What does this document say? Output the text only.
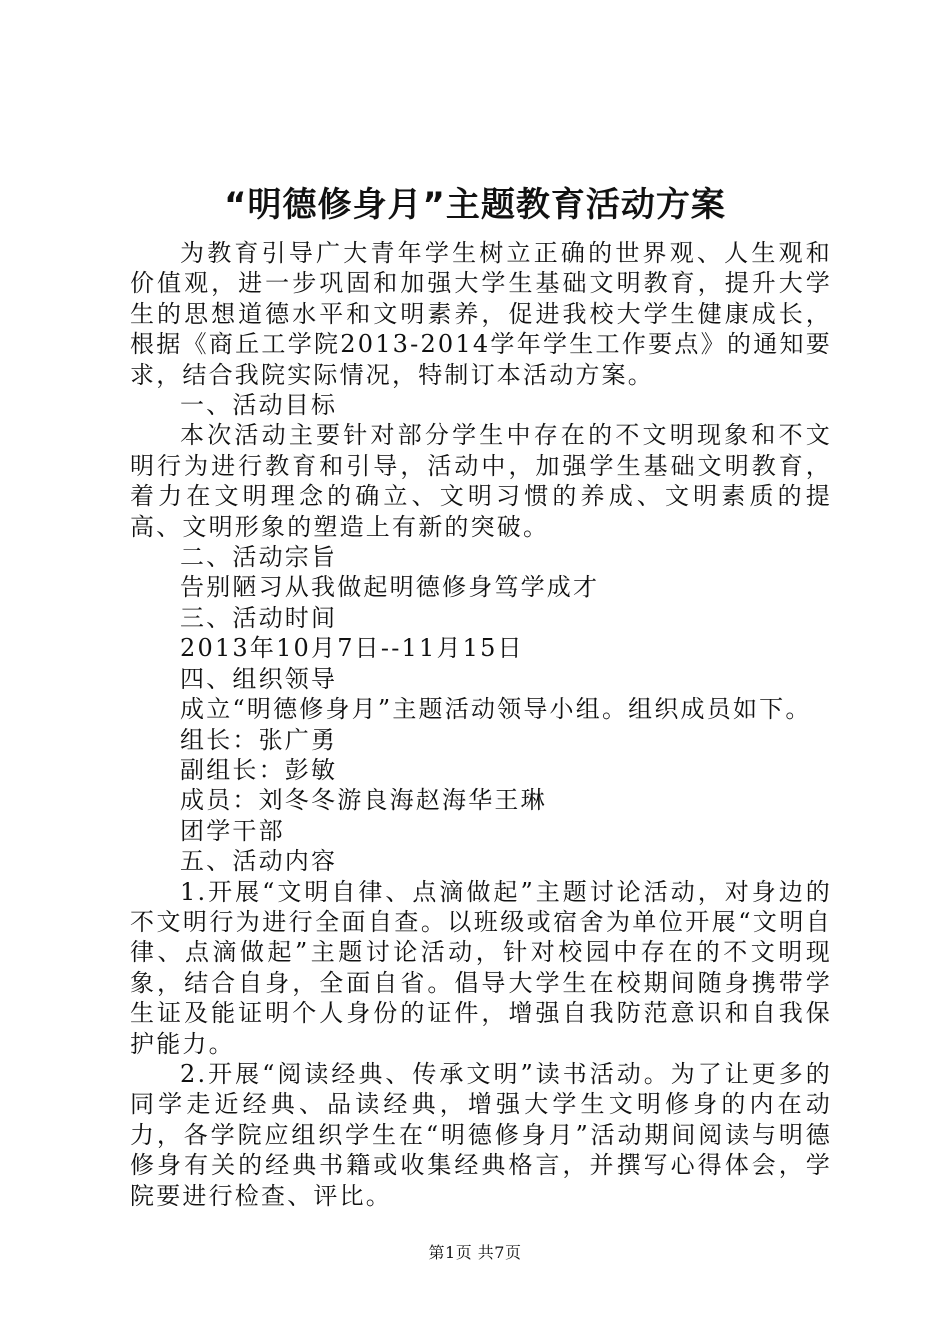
“明德修身月”主题教育活动方案

为教育引导广大青年学生树立正确的世界观、人生观和价值观，进一步巩固和加强大学生基础文明教育，提升大学生的思想道德水平和文明素养，促进我校大学生健康成长，根据《商丘工学院2013-2014学年学生工作要点》的通知要求，结合我院实际情况，特制订本活动方案。

一、活动目标

本次活动主要针对部分学生中存在的不文明现象和不文明行为进行教育和引导，活动中，加强学生基础文明教育，着力在文明理念的确立、文明习惯的养成、文明素质的提高、文明形象的塑造上有新的突破。

二、活动宗旨

告别陋习从我做起明德修身笃学成才

三、活动时间

2013年10月7日--11月15日

四、组织领导

成立“明德修身月”主题活动领导小组。组织成员如下。

组长：张广勇

副组长：彭敏

成员：刘冬冬游良海赵海华王琳

团学干部

五、活动内容

1.开展“文明自律、点滴做起”主题讨论活动，对身边的不文明行为进行全面自查。以班级或宿舍为单位开展“文明自律、点滴做起”主题讨论活动，针对校园中存在的不文明现象，结合自身，全面自省。倡导大学生在校期间随身携带学生证及能证明个人身份的证件，增强自我防范意识和自我保护能力。

2.开展“阅读经典、传承文明”读书活动。为了让更多的同学走近经典、品读经典，增强大学生文明修身的内在动力，各学院应组织学生在“明德修身月”活动期间阅读与明德修身有关的经典书籍或收集经典格言，并撰写心得体会，学院要进行检查、评比。

第1页 共7页
